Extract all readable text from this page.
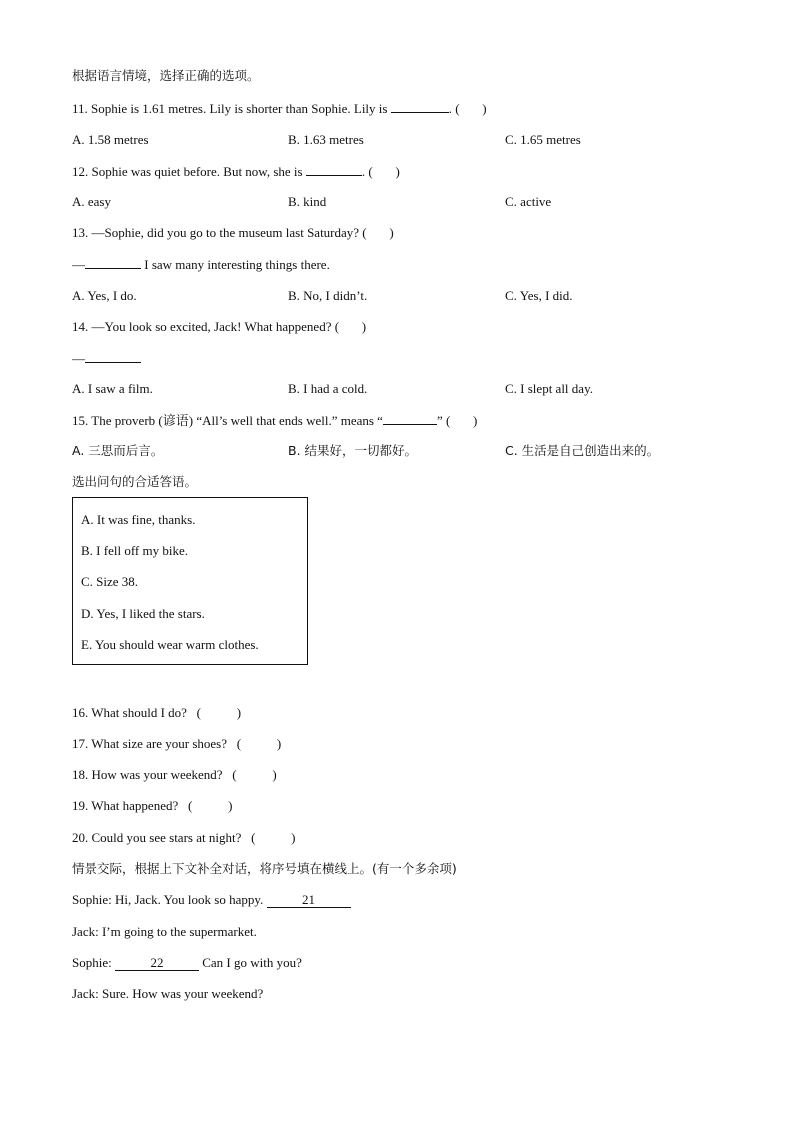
根据语言情境，选择正确的选项。
11. Sophie is 1.61 metres. Lily is shorter than Sophie. Lily is	. (       )
A. 1.58 metres	B. 1.63 metres	C. 1.65 metres
12. Sophie was quiet before. But now, she is	. (       )
A. easy	B. kind	C. active
13. —Sophie, did you go to the museum last Saturday? (       )
—	I saw many interesting things there.
A. Yes, I do.	B. No, I didn’t.	C. Yes, I did.
14. —You look so excited, Jack! What happened? (       )
—
A. I saw a film.	B. I had a cold.	C. I slept all day.
15. The proverb (谚语) “All’s well that ends well.” means “	” (       )
A. 三思而后言。	B. 结果好，一切都好。	C. 生活是自己创造出来的。
选出问句的合适答语。
A. It was fine, thanks.
B. I fell off my bike.
C. Size 38.
D. Yes, I liked the stars.
E. You should wear warm clothes.
16. What should I do?   (           )
17. What size are your shoes?   (           )
18. How was your weekend?   (           )
19. What happened?   (           )
20. Could you see stars at night?   (           )
情景交际，根据上下文补全对话，将序号填在横线上。(有一个多余项)
Sophie: Hi, Jack. You look so happy.	21
Jack: I’m going to the supermarket.
Sophie:	22	Can I go with you?
Jack: Sure. How was your weekend?
